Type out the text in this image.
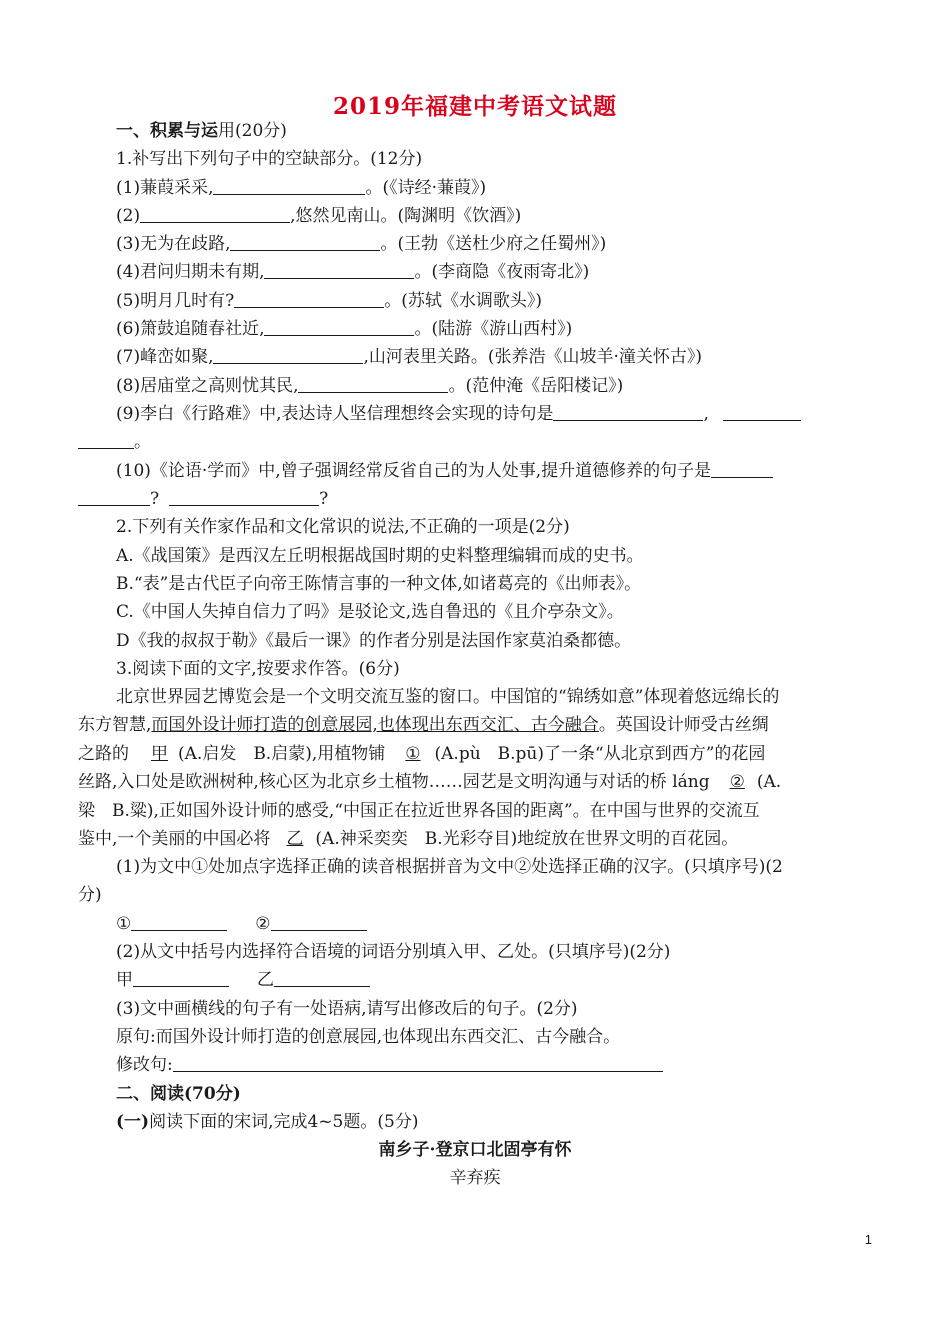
2019年福建中考语文试题
一、积累与运用(20分)
1.补写出下列句子中的空缺部分。(12分)
(1)蒹葭采采,	。(《诗经·蒹葭》)
(2)	,悠然见南山。(陶渊明《饮酒》)
(3)无为在歧路,	。(王勃《送杜少府之任蜀州》)
(4)君问归期未有期,	。(李商隐《夜雨寄北》)
(5)明月几时有?	。(苏轼《水调歌头》)
(6)箫鼓追随春社近,	。(陆游《游山西村》)
(7)峰峦如聚,	,山河表里关路。(张养浩《山坡羊·潼关怀古》)
(8)居庙堂之高则忧其民,	。(范仲淹《岳阳楼记》)
(9)李白《行路难》中,表达诗人坚信理想终会实现的诗句是	,
。
(10)《论语·学而》中,曾子强调经常反省自己的为人处事,提升道德修养的句子是
?	?
2.下列有关作家作品和文化常识的说法,不正确的一项是(2分)
A.《战国策》是西汉左丘明根据战国时期的史料整理编辑而成的史书。
B.“表”是古代臣子向帝王陈情言事的一种文体,如诸葛亮的《出师表》。
C.《中国人失掉自信力了吗》是驳论文,选自鲁迅的《且介亭杂文》。
D《我的叔叔于勒》《最后一课》的作者分别是法国作家莫泊桑都德。
3.阅读下面的文字,按要求作答。(6分)
北京世界园艺博览会是一个文明交流互鉴的窗口。中国馆的“锦绣如意”体现着悠远绵长的
东方智慧,而国外设计师打造的创意展园,也体现出东西交汇、古今融合。英国设计师受古丝绸
之路的 甲 (A.启发　B.启蒙),用植物铺 ① (A.pù　B.pū)了一条“从北京到西方”的花园
丝路,入口处是欧洲树种,核心区为北京乡土植物……园艺是文明沟通与对话的桥 láng ② (A.
梁　B.粱),正如国外设计师的感受,“中国正在拉近世界各国的距离”。在中国与世界的交流互
鉴中,一个美丽的中国必将 乙 (A.神采奕奕　B.光彩夺目)地绽放在世界文明的百花园。
(1)为文中①处加点字选择正确的读音根据拼音为文中②处选择正确的汉字。(只填序号)(2
分)
①	②
(2)从文中括号内选择符合语境的词语分别填入甲、乙处。(只填序号)(2分)
甲	乙
(3)文中画横线的句子有一处语病,请写出修改后的句子。(2分)
原句:而国外设计师打造的创意展园,也体现出东西交汇、古今融合。
修改句:
二、阅读(70分)
(一)阅读下面的宋词,完成4~5题。(5分)
南乡子·登京口北固亭有怀
辛弃疾
1
